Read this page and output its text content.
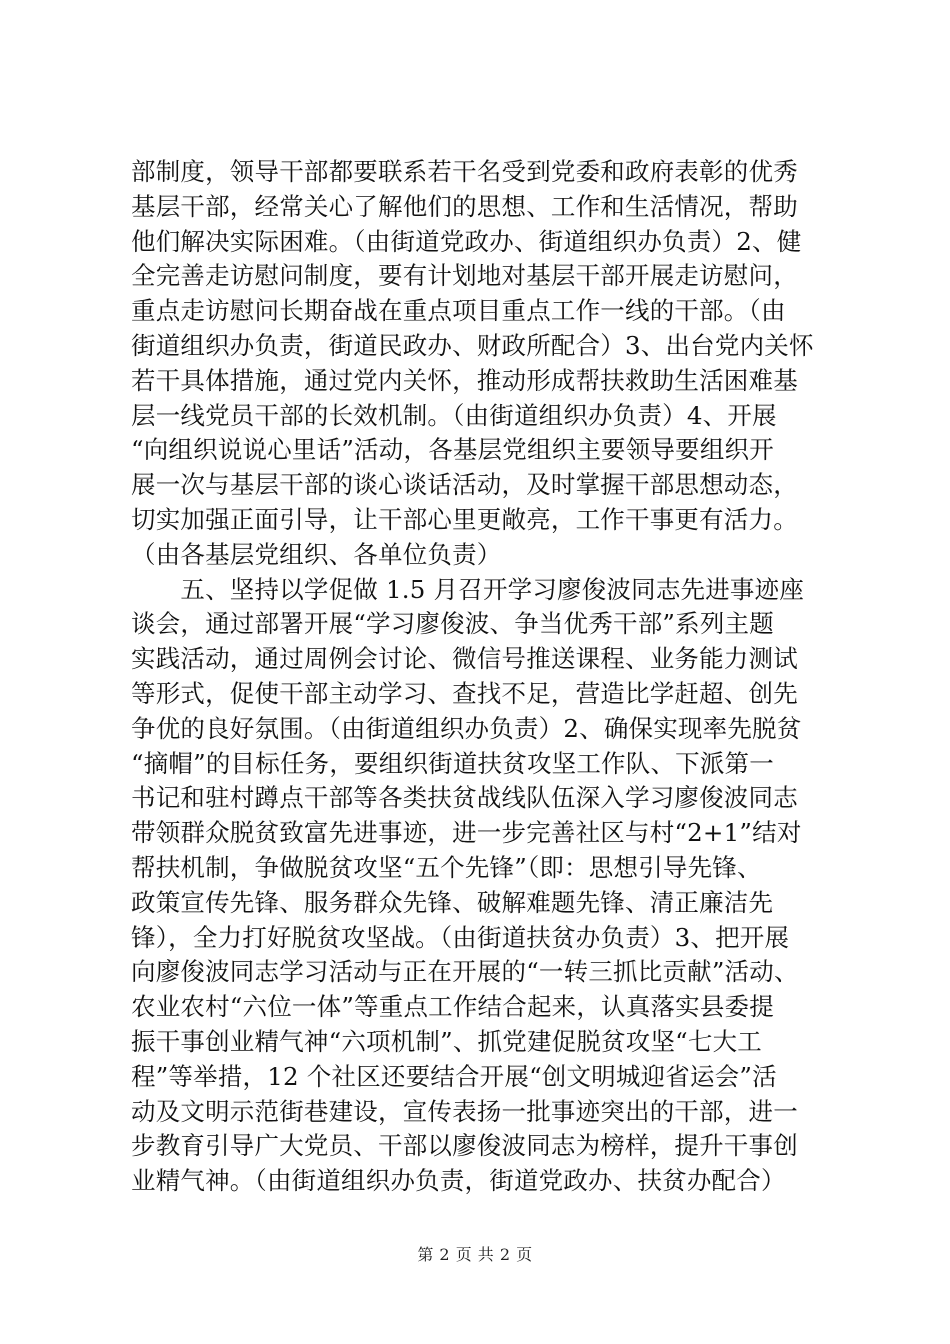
部制度，领导干部都要联系若干名受到党委和政府表彰的优秀
基层干部，经常关心了解他们的思想、工作和生活情况，帮助
他们解决实际困难。（由街道党政办、街道组织办负责）2、健
全完善走访慰问制度，要有计划地对基层干部开展走访慰问，
重点走访慰问长期奋战在重点项目重点工作一线的干部。（由
街道组织办负责，街道民政办、财政所配合）3、出台党内关怀
若干具体措施，通过党内关怀，推动形成帮扶救助生活困难基
层一线党员干部的长效机制。（由街道组织办负责）4、开展
“向组织说说心里话”活动，各基层党组织主要领导要组织开
展一次与基层干部的谈心谈话活动，及时掌握干部思想动态，
切实加强正面引导，让干部心里更敞亮，工作干事更有活力。
（由各基层党组织、各单位负责）
　　五、坚持以学促做 1.5 月召开学习廖俊波同志先进事迹座
谈会，通过部署开展“学习廖俊波、争当优秀干部”系列主题
实践活动，通过周例会讨论、微信号推送课程、业务能力测试
等形式，促使干部主动学习、查找不足，营造比学赶超、创先
争优的良好氛围。（由街道组织办负责）2、确保实现率先脱贫
“摘帽”的目标任务，要组织街道扶贫攻坚工作队、下派第一
书记和驻村蹲点干部等各类扶贫战线队伍深入学习廖俊波同志
带领群众脱贫致富先进事迹，进一步完善社区与村“2+1”结对
帮扶机制，争做脱贫攻坚“五个先锋”（即：思想引导先锋、
政策宣传先锋、服务群众先锋、破解难题先锋、清正廉洁先
锋），全力打好脱贫攻坚战。（由街道扶贫办负责）3、把开展
向廖俊波同志学习活动与正在开展的“一转三抓比贡献”活动、
农业农村“六位一体”等重点工作结合起来，认真落实县委提
振干事创业精气神“六项机制”、抓党建促脱贫攻坚“七大工
程”等举措，12 个社区还要结合开展“创文明城迎省运会”活
动及文明示范街巷建设，宣传表扬一批事迹突出的干部，进一
步教育引导广大党员、干部以廖俊波同志为榜样，提升干事创
业精气神。（由街道组织办负责，街道党政办、扶贫办配合）
第 2 页 共 2 页
